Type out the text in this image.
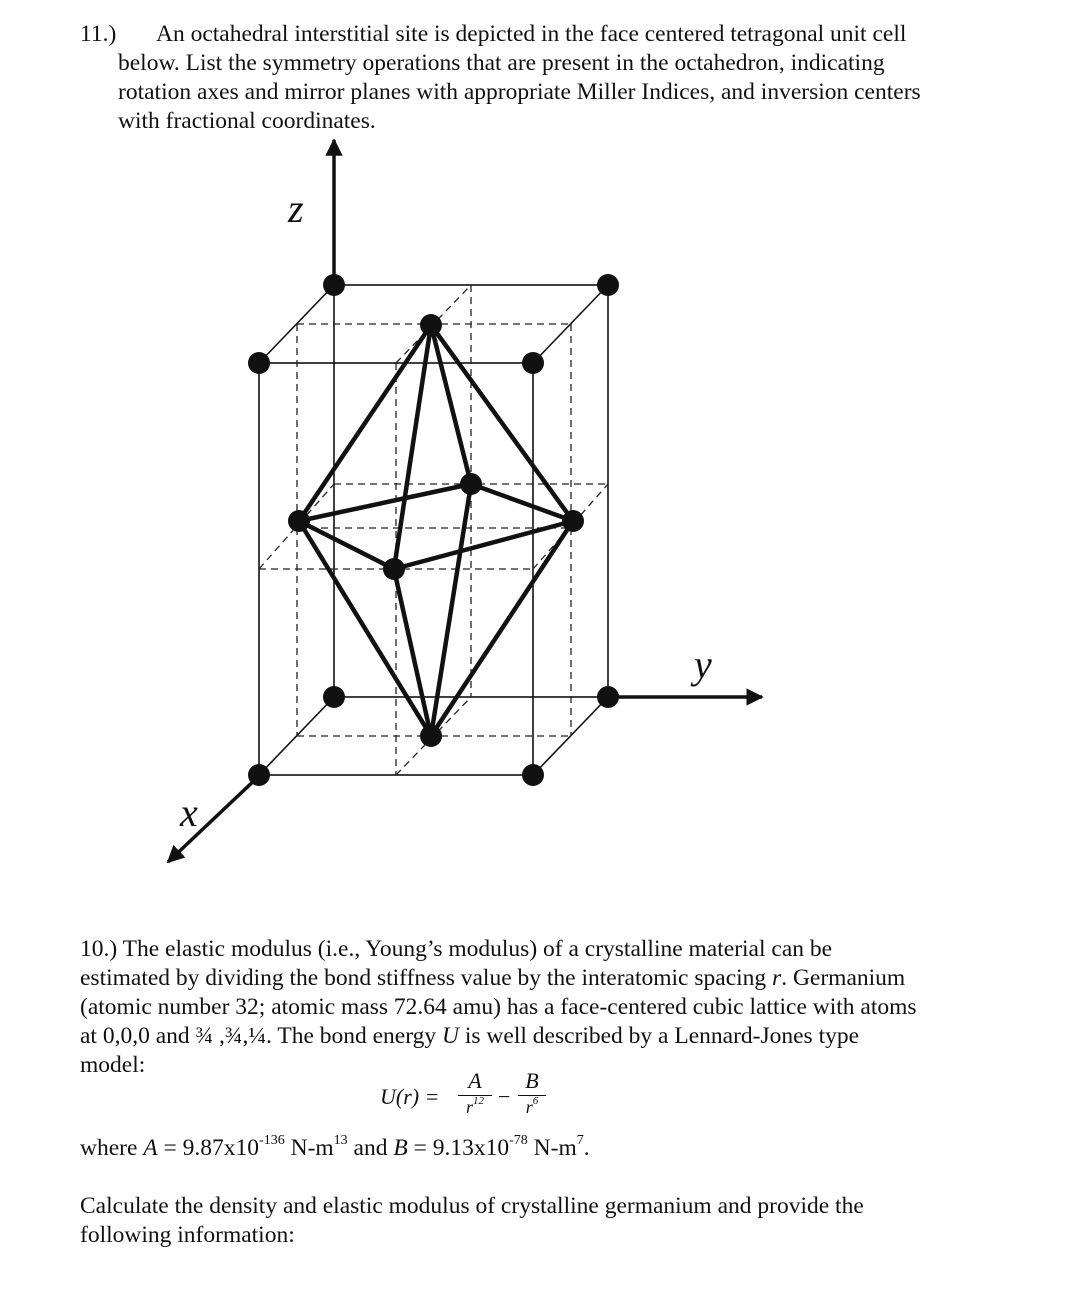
11.)	An octahedral interstitial site is depicted in the face centered tetragonal unit cell
below. List the symmetry operations that are present in the octahedron, indicating
rotation axes and mirror planes with appropriate Miller Indices, and inversion centers
with fractional coordinates.
z
y
x
10.) The elastic modulus (i.e., Young’s modulus) of a crystalline material can be
estimated by dividing the bond stiffness value by the interatomic spacing r. Germanium
(atomic number 32; atomic mass 72.64 amu) has a face-centered cubic lattice with atoms
at 0,0,0 and ¾ ,¾,¼. The bond energy U is well described by a Lennard-Jones type
model:
U(r) =
A
$r^{12}$ −
B
$r^6$
where $A = 9.87x10^{-136}$ $N-m^{13}$ and $B = 9.13x10^{-78}$ $N-m^7$.
Calculate the density and elastic modulus of crystalline germanium and provide the
following information:
